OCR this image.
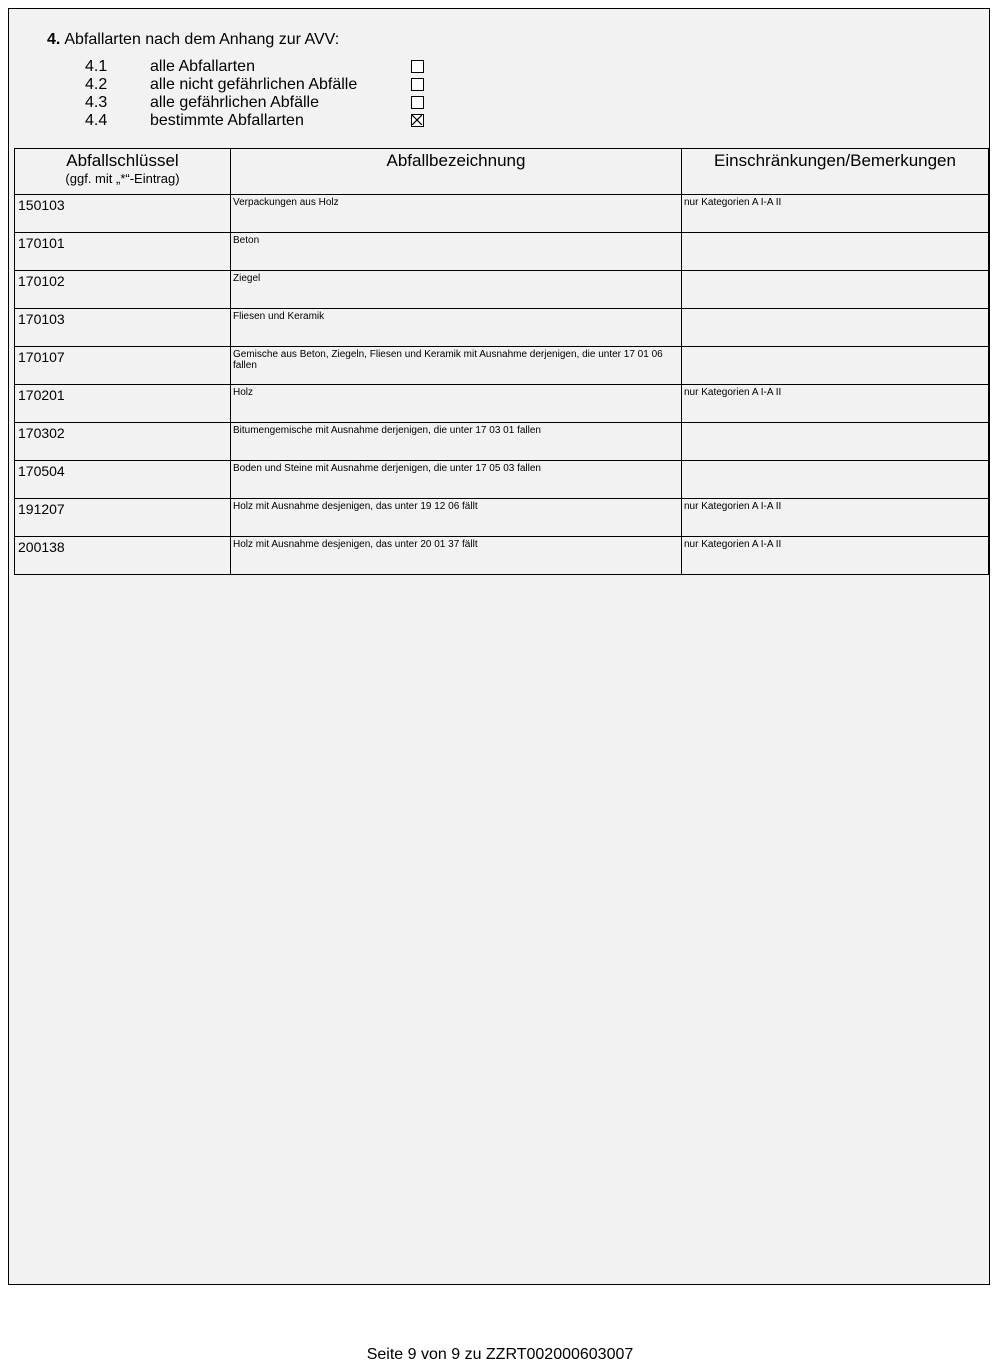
4. Abfallarten nach dem Anhang zur AVV:
4.1	alle Abfallarten
4.2	alle nicht gefährlichen Abfälle
4.3	alle gefährlichen Abfälle
4.4	bestimmte Abfallarten
Abfallschlüssel
(ggf. mit „*“-Eintrag)	Abfallbezeichnung	Einschränkungen/Bemerkungen
150103	Verpackungen aus Holz	nur Kategorien A I-A II
170101	Beton	
170102	Ziegel	
170103	Fliesen und Keramik	
170107	Gemische aus Beton, Ziegeln, Fliesen und Keramik mit Ausnahme derjenigen, die unter 17 01 06 fallen	
170201	Holz	nur Kategorien A I-A II
170302	Bitumengemische mit Ausnahme derjenigen, die unter 17 03 01 fallen	
170504	Boden und Steine mit Ausnahme derjenigen, die unter 17 05 03 fallen	
191207	Holz mit Ausnahme desjenigen, das unter 19 12 06 fällt	nur Kategorien A I-A II
200138	Holz mit Ausnahme desjenigen, das unter 20 01 37 fällt	nur Kategorien A I-A II
Seite 9 von 9 zu ZZRT002000603007
